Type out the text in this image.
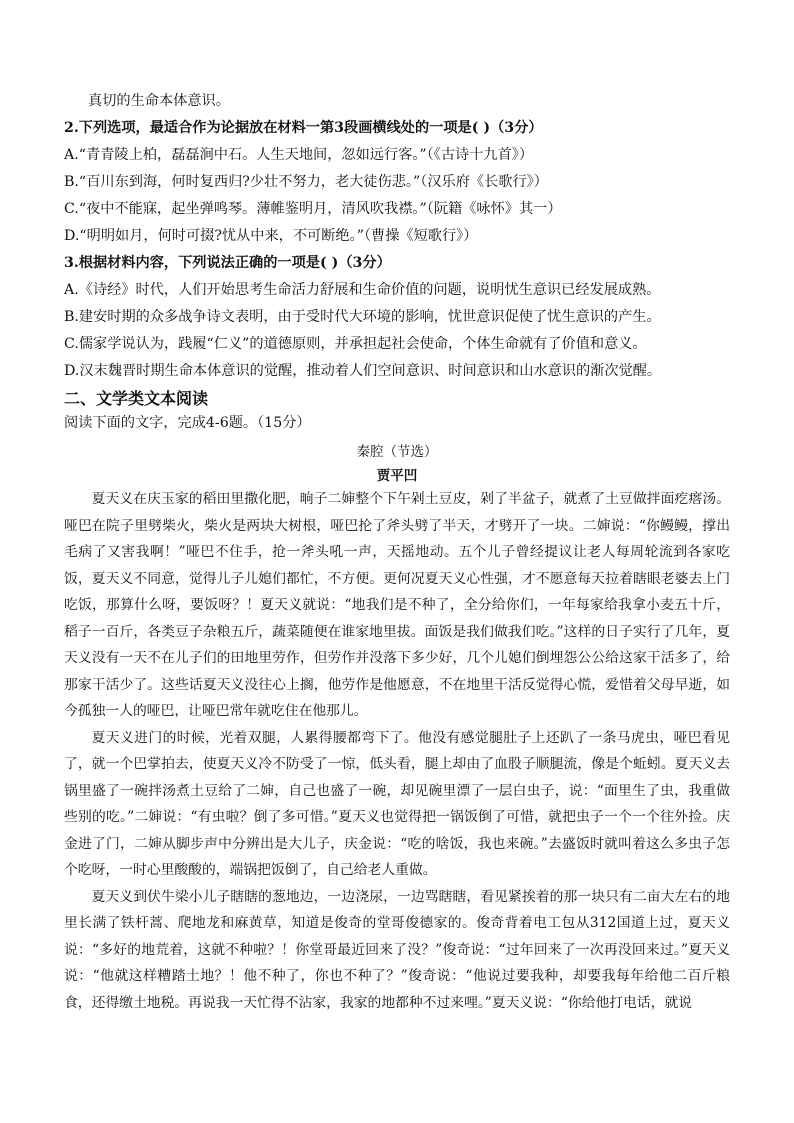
真切的生命本体意识。
2.下列选项，最适合作为论据放在材料一第3段画横线处的一项是( )（3分）
A.“青青陵上柏，磊磊涧中石。人生天地间，忽如远行客。”（《古诗十九首》）
B.“百川东到海，何时复西归?少壮不努力，老大徒伤悲。”（汉乐府《长歌行》）
C.“夜中不能寐，起坐弹鸣琴。薄帷鉴明月，清风吹我襟。”（阮籍《咏怀》其一）
D.“明明如月，何时可掇?忧从中来，不可断绝。”（曹操《短歌行》）
3.根据材料内容，下列说法正确的一项是( )（3分）
A.《诗经》时代，人们开始思考生命活力舒展和生命价值的问题，说明忧生意识已经发展成熟。
B.建安时期的众多战争诗文表明，由于受时代大环境的影响，忧世意识促使了忧生意识的产生。
C.儒家学说认为，践履“仁义”的道德原则，并承担起社会使命，个体生命就有了价值和意义。
D.汉末魏晋时期生命本体意识的觉醒，推动着人们空间意识、时间意识和山水意识的渐次觉醒。
二、文学类文本阅读
阅读下面的文字，完成4-6题。（15分）
秦腔（节选）
贾平凹

夏天义在庆玉家的稻田里撒化肥，晌子二婶整个下午剁土豆皮，剁了半盆子，就煮了土豆做拌面疙瘩汤。哑巴在院子里劈柴火，柴火是两块大树根，哑巴抡了斧头劈了半天，才劈开了一块。二婶说：“你鳗鳗，撑出毛病了又害我啊！”哑巴不住手，抢一斧头吼一声，天摇地动。五个儿子曾经提议让老人每周轮流到各家吃饭，夏天义不同意，觉得儿子儿媳们都忙，不方便。更何况夏天义心性强，才不愿意每天拉着瞎眼老婆去上门吃饭，那算什么呀，要饭呀？！夏天义就说：“地我们是不种了，全分给你们，一年每家给我拿小麦五十斤，稻子一百斤，各类豆子杂粮五斤，蔬菜随便在谁家地里拔。面饭是我们做我们吃。”这样的日子实行了几年，夏天义没有一天不在儿子们的田地里劳作，但劳作并没落下多少好，几个儿媳们倒埋怨公公给这家干活多了，给那家干活少了。这些话夏天义没往心上搁，他劳作是他愿意，不在地里干活反觉得心慌，爱惜着父母早逝，如今孤独一人的哑巴，让哑巴常年就吃住在他那儿。

夏天义进门的时候，光着双腿，人累得腰都弯下了。他没有感觉腿肚子上还趴了一条马虎虫，哑巴看见了，就一个巴掌拍去，使夏天义冷不防受了一惊，低头看，腿上却由了血股子顺腿流，像是个蚯蚓。夏天义去锅里盛了一碗拌汤煮土豆给了二婶，自己也盛了一碗，却见碗里漂了一层白虫子，说：“面里生了虫，我重做些别的吃。”二婶说：“有虫啦？倒了多可惜。”夏天义也觉得把一锅饭倒了可惜，就把虫子一个一个往外捡。庆金进了门，二婶从脚步声中分辨出是大儿子，庆金说：“吃的啥饭，我也来碗。”去盛饭时就叫着这么多虫子怎个吃呀，一时心里酸酸的，端锅把饭倒了，自己给老人重做。

夏天义到伏牛梁小儿子瞎瞎的葱地边，一边浇尿，一边骂瞎瞎，看见紧挨着的那一块只有二亩大左右的地里长满了铁杆蒿、爬地龙和麻黄草，知道是俊奇的堂哥俊德家的。俊奇背着电工包从312国道上过，夏天义说：“多好的地荒着，这就不种啦？！你堂哥最近回来了没？”俊奇说：“过年回来了一次再没回来过。”夏天义说：“他就这样糟踏土地？！他不种了，你也不种了？”俊奇说：“他说过要我种，却要我每年给他二百斤粮食，还得缴土地税。再说我一天忙得不沾家，我家的地都种不过来哩。”夏天义说：“你给他打电话，就说
